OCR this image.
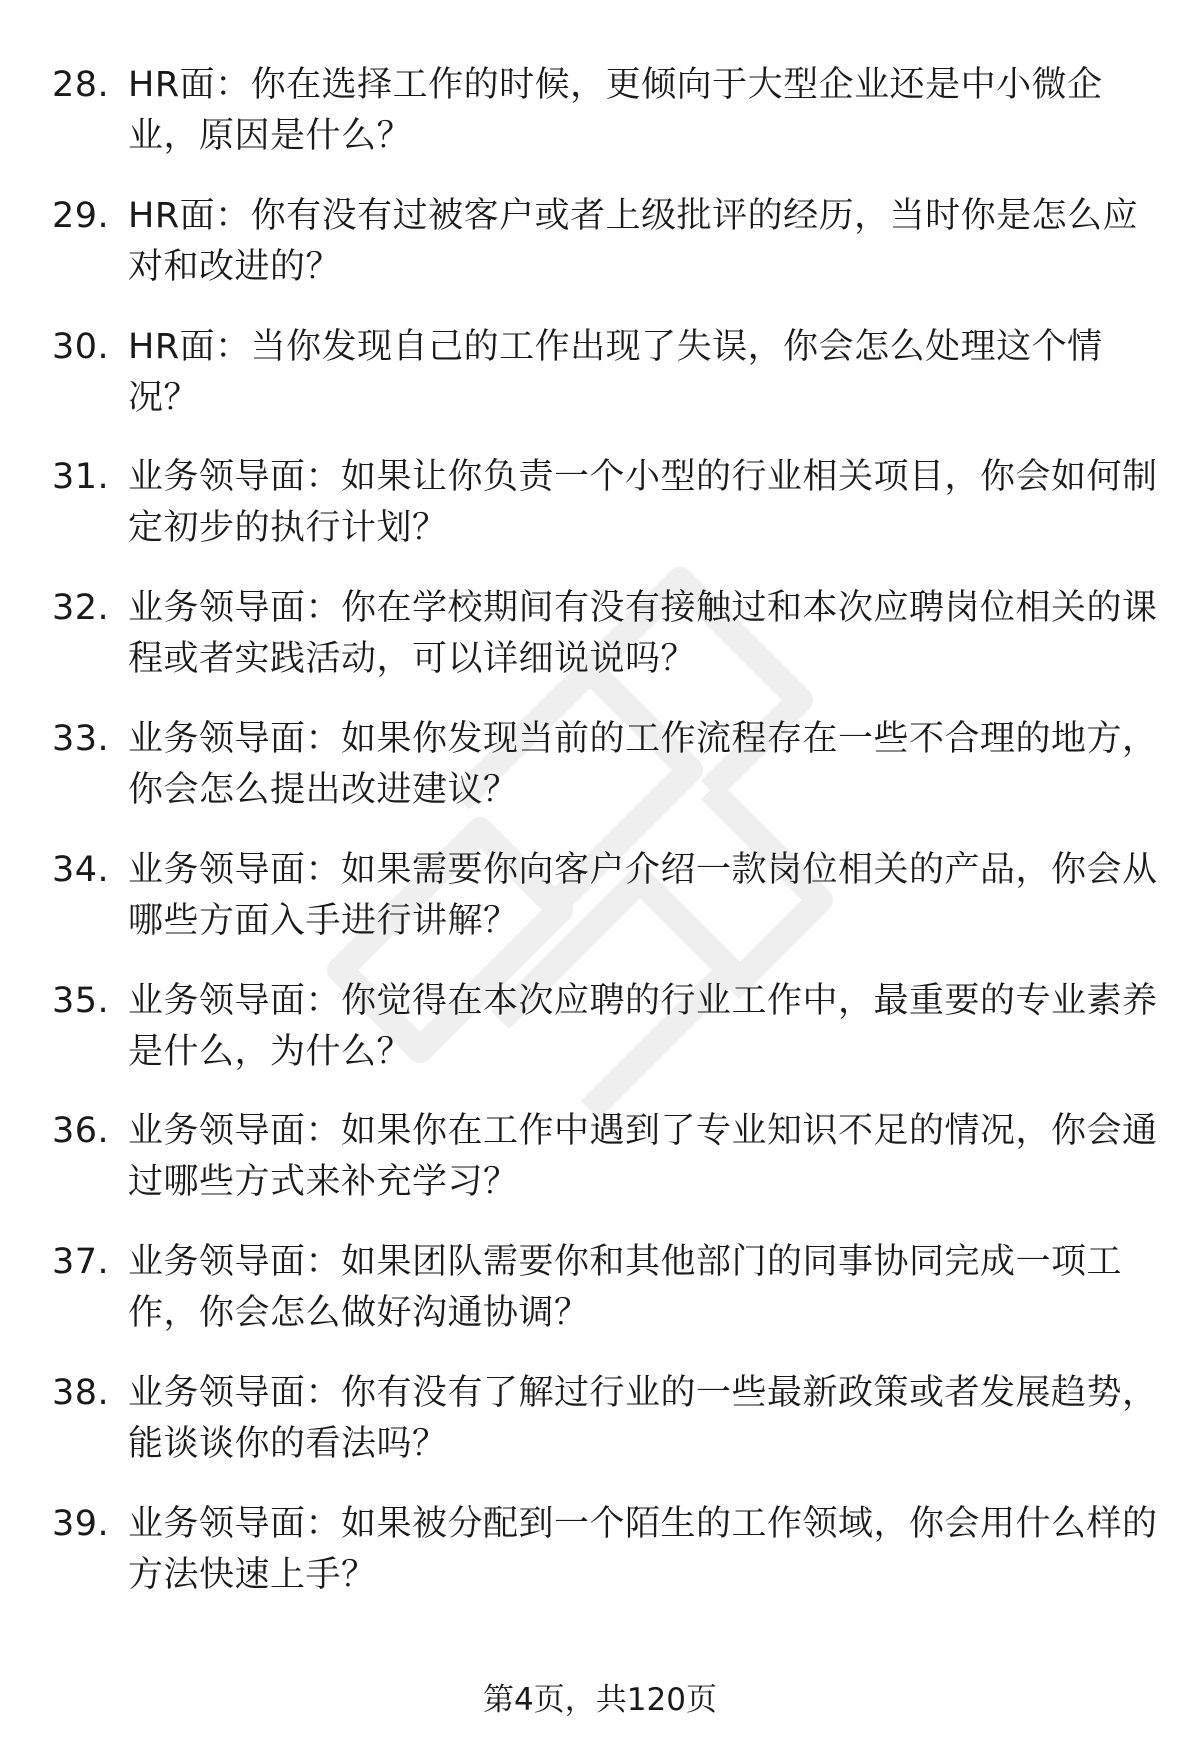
28. HR面：你在选择工作的时候，更倾向于大型企业还是中小微企业，原因是什么？
29. HR面：你有没有过被客户或者上级批评的经历，当时你是怎么应对和改进的？
30. HR面：当你发现自己的工作出现了失误，你会怎么处理这个情况？
31. 业务领导面：如果让你负责一个小型的行业相关项目，你会如何制定初步的执行计划？
32. 业务领导面：你在学校期间有没有接触过和本次应聘岗位相关的课程或者实践活动，可以详细说说吗？
33. 业务领导面：如果你发现当前的工作流程存在一些不合理的地方，你会怎么提出改进建议？
34. 业务领导面：如果需要你向客户介绍一款岗位相关的产品，你会从哪些方面入手进行讲解？
35. 业务领导面：你觉得在本次应聘的行业工作中，最重要的专业素养是什么，为什么？
36. 业务领导面：如果你在工作中遇到了专业知识不足的情况，你会通过哪些方式来补充学习？
37. 业务领导面：如果团队需要你和其他部门的同事协同完成一项工作，你会怎么做好沟通协调？
38. 业务领导面：你有没有了解过行业的一些最新政策或者发展趋势，能谈谈你的看法吗？
39. 业务领导面：如果被分配到一个陌生的工作领域，你会用什么样的方法快速上手？
第4页，共120页
